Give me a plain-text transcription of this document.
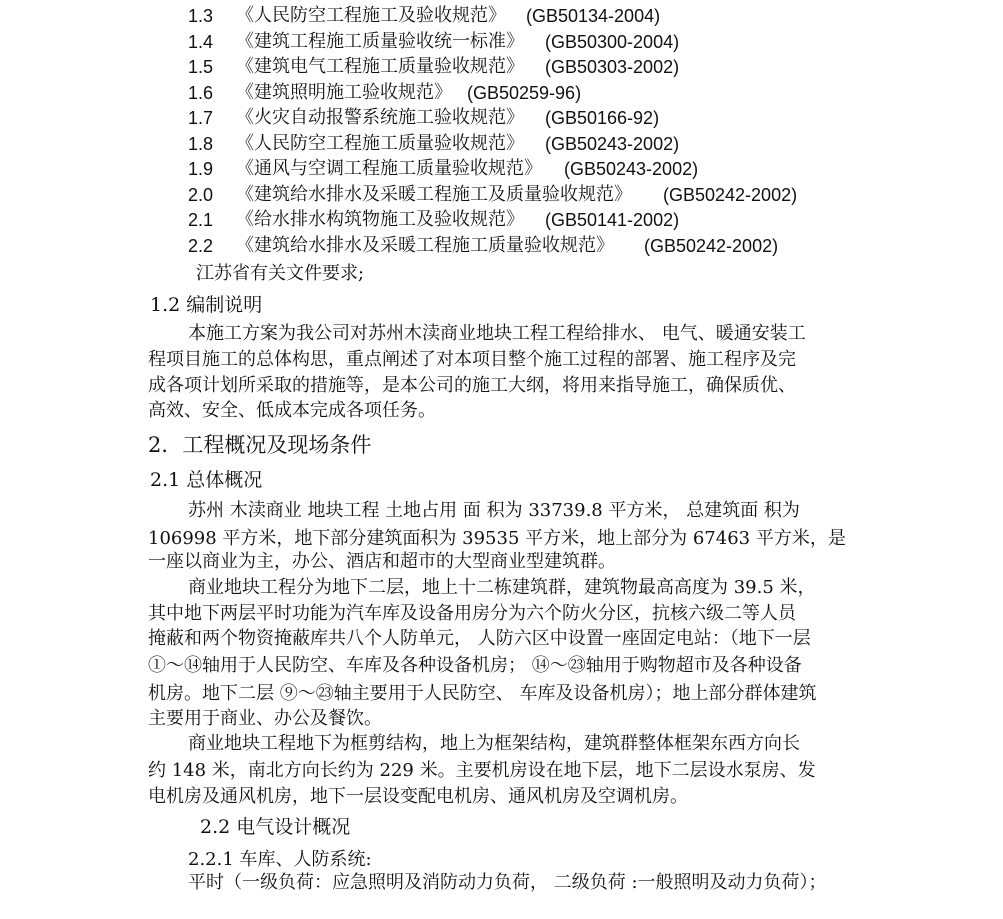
1.3 《人民防空工程施工及验收规范》 (GB50134-2004)
1.4 《建筑工程施工质量验收统一标准》 (GB50300-2004)
1.5 《建筑电气工程施工质量验收规范》 (GB50303-2002)
1.6 《建筑照明施工验收规范》 (GB50259-96)
1.7 《火灾自动报警系统施工验收规范》 (GB50166-92)
1.8 《人民防空工程施工质量验收规范》 (GB50243-2002)
1.9 《通风与空调工程施工质量验收规范》 (GB50243-2002)
2.0 《建筑给水排水及采暖工程施工及质量验收规范》 (GB50242-2002)
2.1 《给水排水构筑物施工及验收规范》 (GB50141-2002)
2.2 《建筑给水排水及采暖工程施工质量验收规范》 (GB50242-2002)
江苏省有关文件要求;
1.2 编制说明
本施工方案为我公司对苏州木渎商业地块工程工程给排水、 电气、暖通安装工
程项目施工的总体构思，重点阐述了对本项目整个施工过程的部署、施工程序及完
成各项计划所采取的措施等，是本公司的施工大纲，将用来指导施工，确保质优、
高效、安全、低成本完成各项任务。
2．工程概况及现场条件
2.1 总体概况
苏州 木渎商业 地块工程 土地占用 面 积为 33739.8 平方米， 总建筑面 积为
106998 平方米，地下部分建筑面积为 39535 平方米，地上部分为 67463 平方米，是
一座以商业为主，办公、酒店和超市的大型商业型建筑群。
商业地块工程分为地下二层，地上十二栋建筑群，建筑物最高高度为 39.5 米，
其中地下两层平时功能为汽车库及设备用房分为六个防火分区，抗核六级二等人员
掩蔽和两个物资掩蔽库共八个人防单元， 人防六区中设置一座固定电站：（地下一层
①～⑭轴用于人民防空、车库及各种设备机房； ⑭～㉓轴用于购物超市及各种设备
机房。地下二层 ⑨～㉓轴主要用于人民防空、 车库及设备机房）；地上部分群体建筑
主要用于商业、办公及餐饮。
商业地块工程地下为框剪结构，地上为框架结构，建筑群整体框架东西方向长
约 148 米，南北方向长约为 229 米。主要机房设在地下层，地下二层设水泵房、发
电机房及通风机房，地下一层设变配电机房、通风机房及空调机房。
2.2 电气设计概况
2.2.1 车库、人防系统:
平时（一级负荷：应急照明及消防动力负荷， 二级负荷 :一般照明及动力负荷）；
